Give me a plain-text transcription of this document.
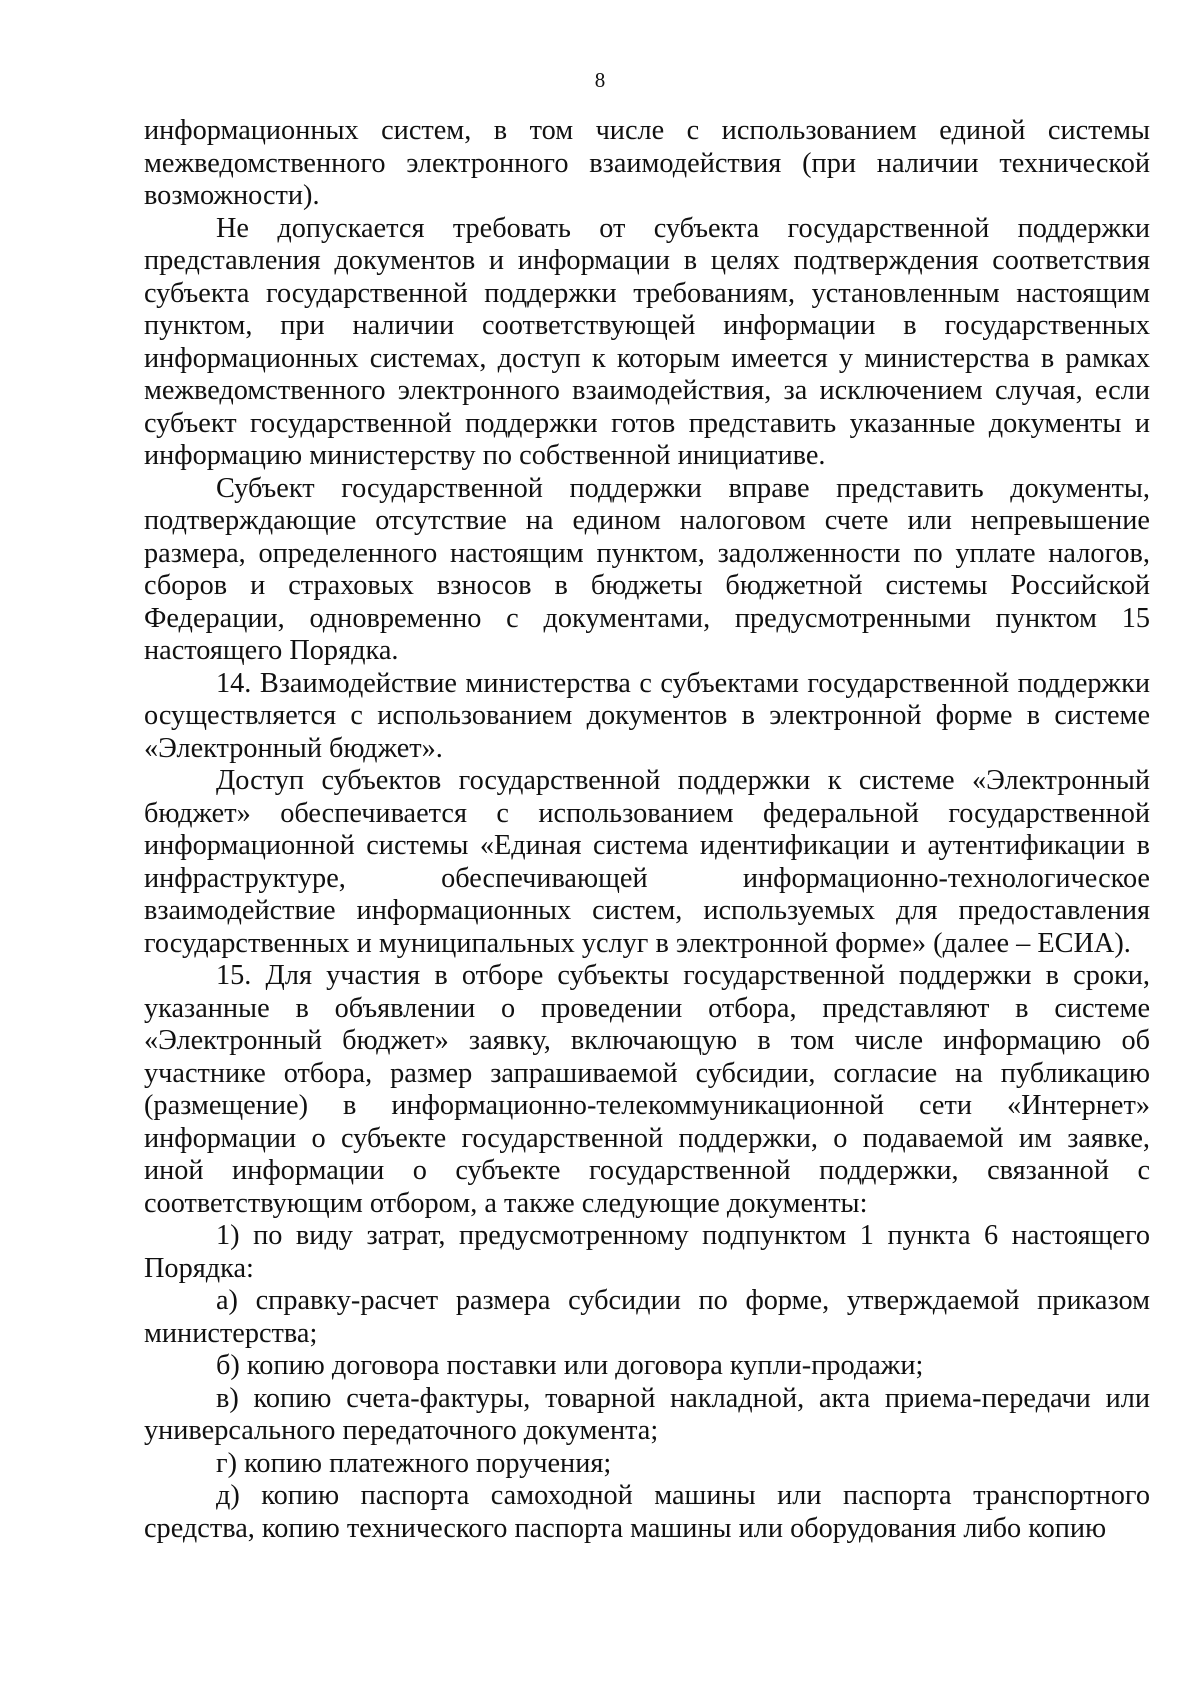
8

информационных систем, в том числе с использованием единой системы межведомственного электронного взаимодействия (при наличии технической возможности).

Не допускается требовать от субъекта государственной поддержки представления документов и информации в целях подтверждения соответствия субъекта государственной поддержки требованиям, установленным настоящим пунктом, при наличии соответствующей информации в государственных информационных системах, доступ к которым имеется у министерства в рамках межведомственного электронного взаимодействия, за исключением случая, если субъект государственной поддержки готов представить указанные документы и информацию министерству по собственной инициативе.

Субъект государственной поддержки вправе представить документы, подтверждающие отсутствие на едином налоговом счете или непревышение размера, определенного настоящим пунктом, задолженности по уплате налогов, сборов и страховых взносов в бюджеты бюджетной системы Российской Федерации, одновременно с документами, предусмотренными пунктом 15 настоящего Порядка.

14. Взаимодействие министерства с субъектами государственной поддержки осуществляется с использованием документов в электронной форме в системе «Электронный бюджет».

Доступ субъектов государственной поддержки к системе «Электронный бюджет» обеспечивается с использованием федеральной государственной информационной системы «Единая система идентификации и аутентификации в инфраструктуре, обеспечивающей информационно-технологическое взаимодействие информационных систем, используемых для предоставления государственных и муниципальных услуг в электронной форме» (далее – ЕСИА).

15. Для участия в отборе субъекты государственной поддержки в сроки, указанные в объявлении о проведении отбора, представляют в системе «Электронный бюджет» заявку, включающую в том числе информацию об участнике отбора, размер запрашиваемой субсидии, согласие на публикацию (размещение) в информационно-телекоммуникационной сети «Интернет» информации о субъекте государственной поддержки, о подаваемой им заявке, иной информации о субъекте государственной поддержки, связанной с соответствующим отбором, а также следующие документы:

1) по виду затрат, предусмотренному подпунктом 1 пункта 6 настоящего Порядка:

а) справку-расчет размера субсидии по форме, утверждаемой приказом министерства;

б) копию договора поставки или договора купли-продажи;

в) копию счета-фактуры, товарной накладной, акта приема-передачи или универсального передаточного документа;

г) копию платежного поручения;

д) копию паспорта самоходной машины или паспорта транспортного средства, копию технического паспорта машины или оборудования либо копию
